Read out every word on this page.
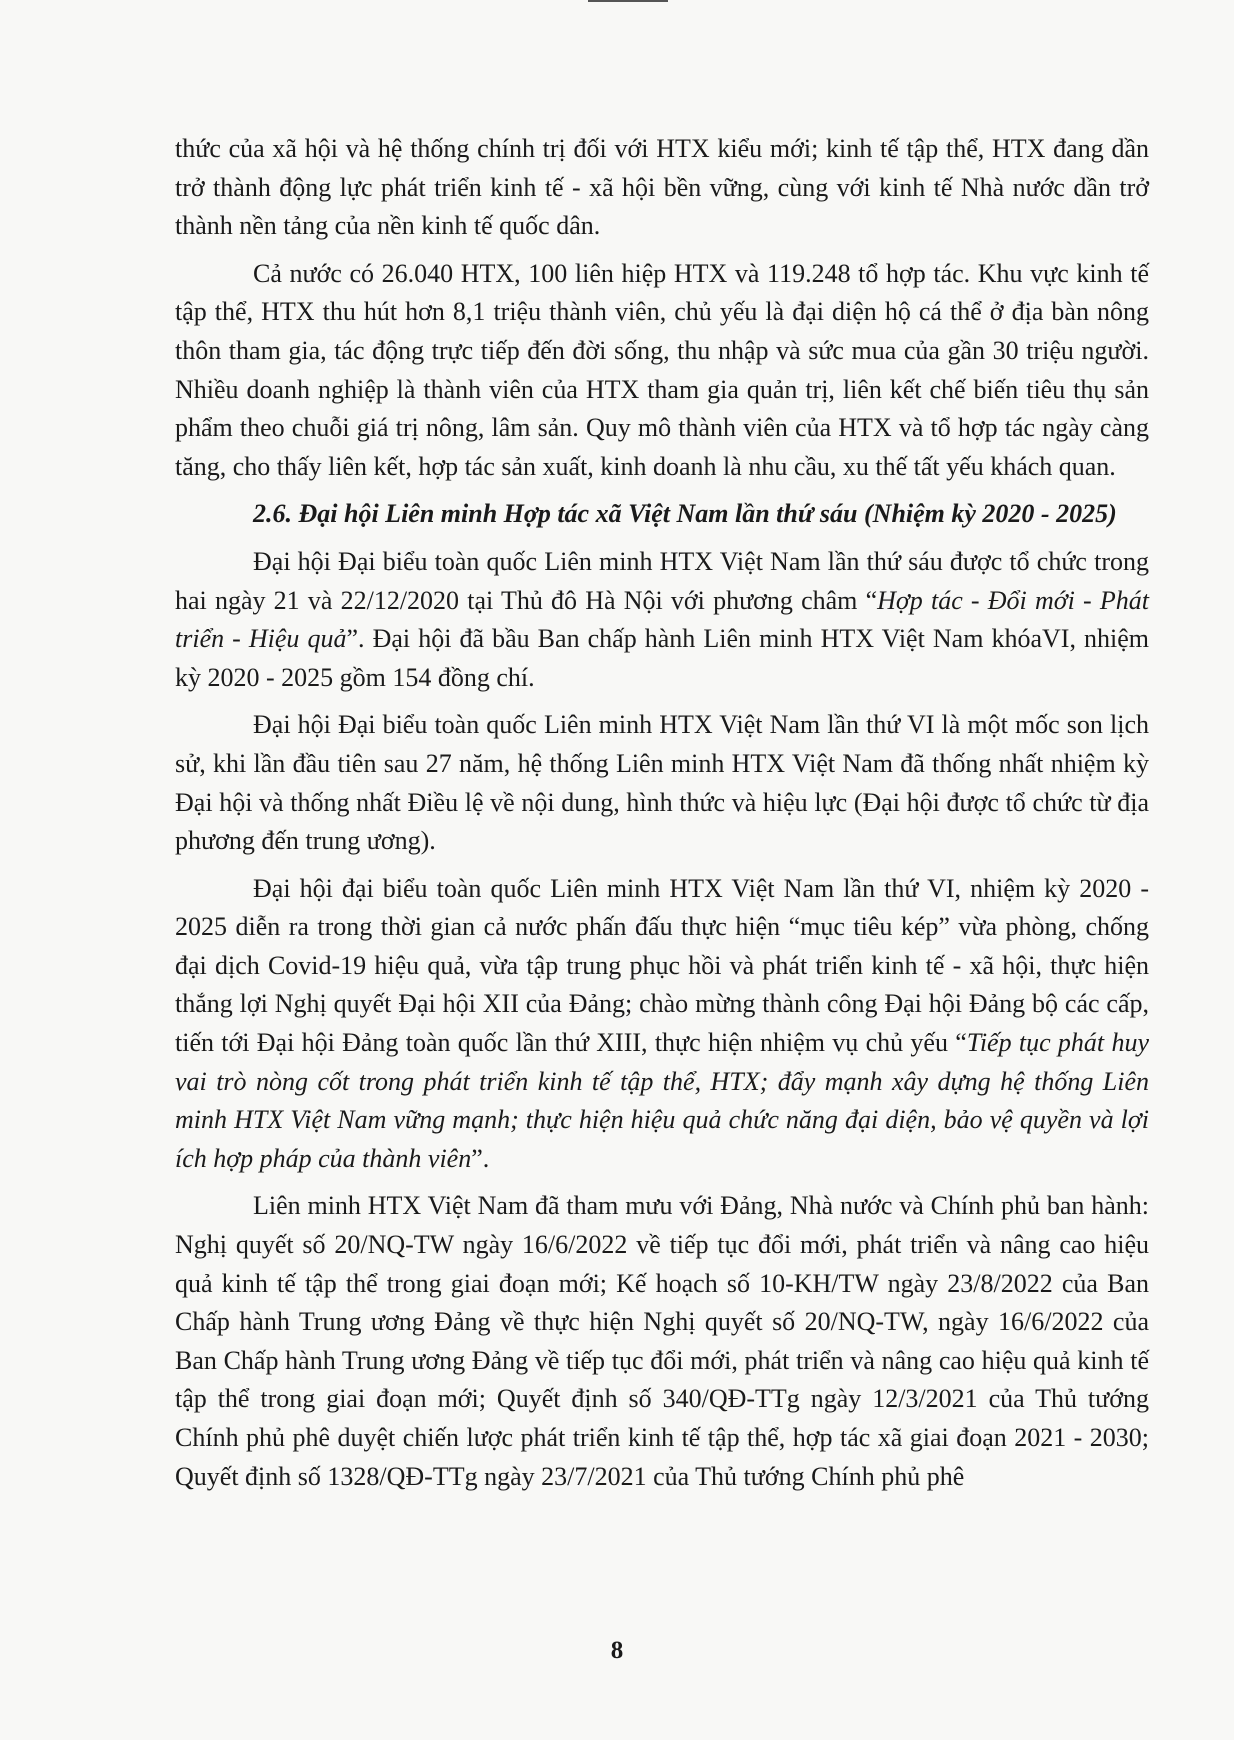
thức của xã hội và hệ thống chính trị đối với HTX kiểu mới; kinh tế tập thể, HTX đang dần trở thành động lực phát triển kinh tế - xã hội bền vững, cùng với kinh tế Nhà nước dần trở thành nền tảng của nền kinh tế quốc dân.

Cả nước có 26.040 HTX, 100 liên hiệp HTX và 119.248 tổ hợp tác. Khu vực kinh tế tập thể, HTX thu hút hơn 8,1 triệu thành viên, chủ yếu là đại diện hộ cá thể ở địa bàn nông thôn tham gia, tác động trực tiếp đến đời sống, thu nhập và sức mua của gần 30 triệu người. Nhiều doanh nghiệp là thành viên của HTX tham gia quản trị, liên kết chế biến tiêu thụ sản phẩm theo chuỗi giá trị nông, lâm sản. Quy mô thành viên của HTX và tổ hợp tác ngày càng tăng, cho thấy liên kết, hợp tác sản xuất, kinh doanh là nhu cầu, xu thế tất yếu khách quan.

2.6. Đại hội Liên minh Hợp tác xã Việt Nam lần thứ sáu (Nhiệm kỳ 2020 - 2025)

Đại hội Đại biểu toàn quốc Liên minh HTX Việt Nam lần thứ sáu được tổ chức trong hai ngày 21 và 22/12/2020 tại Thủ đô Hà Nội với phương châm “Hợp tác - Đổi mới - Phát triển - Hiệu quả”. Đại hội đã bầu Ban chấp hành Liên minh HTX Việt Nam khóaVI, nhiệm kỳ 2020 - 2025 gồm 154 đồng chí.

Đại hội Đại biểu toàn quốc Liên minh HTX Việt Nam lần thứ VI là một mốc son lịch sử, khi lần đầu tiên sau 27 năm, hệ thống Liên minh HTX Việt Nam đã thống nhất nhiệm kỳ Đại hội và thống nhất Điều lệ về nội dung, hình thức và hiệu lực (Đại hội được tổ chức từ địa phương đến trung ương).

Đại hội đại biểu toàn quốc Liên minh HTX Việt Nam lần thứ VI, nhiệm kỳ 2020 - 2025 diễn ra trong thời gian cả nước phấn đấu thực hiện “mục tiêu kép” vừa phòng, chống đại dịch Covid-19 hiệu quả, vừa tập trung phục hồi và phát triển kinh tế - xã hội, thực hiện thắng lợi Nghị quyết Đại hội XII của Đảng; chào mừng thành công Đại hội Đảng bộ các cấp, tiến tới Đại hội Đảng toàn quốc lần thứ XIII, thực hiện nhiệm vụ chủ yếu “Tiếp tục phát huy vai trò nòng cốt trong phát triển kinh tế tập thể, HTX; đẩy mạnh xây dựng hệ thống Liên minh HTX Việt Nam vững mạnh; thực hiện hiệu quả chức năng đại diện, bảo vệ quyền và lợi ích hợp pháp của thành viên”.

Liên minh HTX Việt Nam đã tham mưu với Đảng, Nhà nước và Chính phủ ban hành: Nghị quyết số 20/NQ-TW ngày 16/6/2022 về tiếp tục đổi mới, phát triển và nâng cao hiệu quả kinh tế tập thể trong giai đoạn mới; Kế hoạch số 10-KH/TW ngày 23/8/2022 của Ban Chấp hành Trung ương Đảng về thực hiện Nghị quyết số 20/NQ-TW, ngày 16/6/2022 của Ban Chấp hành Trung ương Đảng về tiếp tục đổi mới, phát triển và nâng cao hiệu quả kinh tế tập thể trong giai đoạn mới; Quyết định số 340/QĐ-TTg ngày 12/3/2021 của Thủ tướng Chính phủ phê duyệt chiến lược phát triển kinh tế tập thể, hợp tác xã giai đoạn 2021 - 2030; Quyết định số 1328/QĐ-TTg ngày 23/7/2021 của Thủ tướng Chính phủ phê

8
